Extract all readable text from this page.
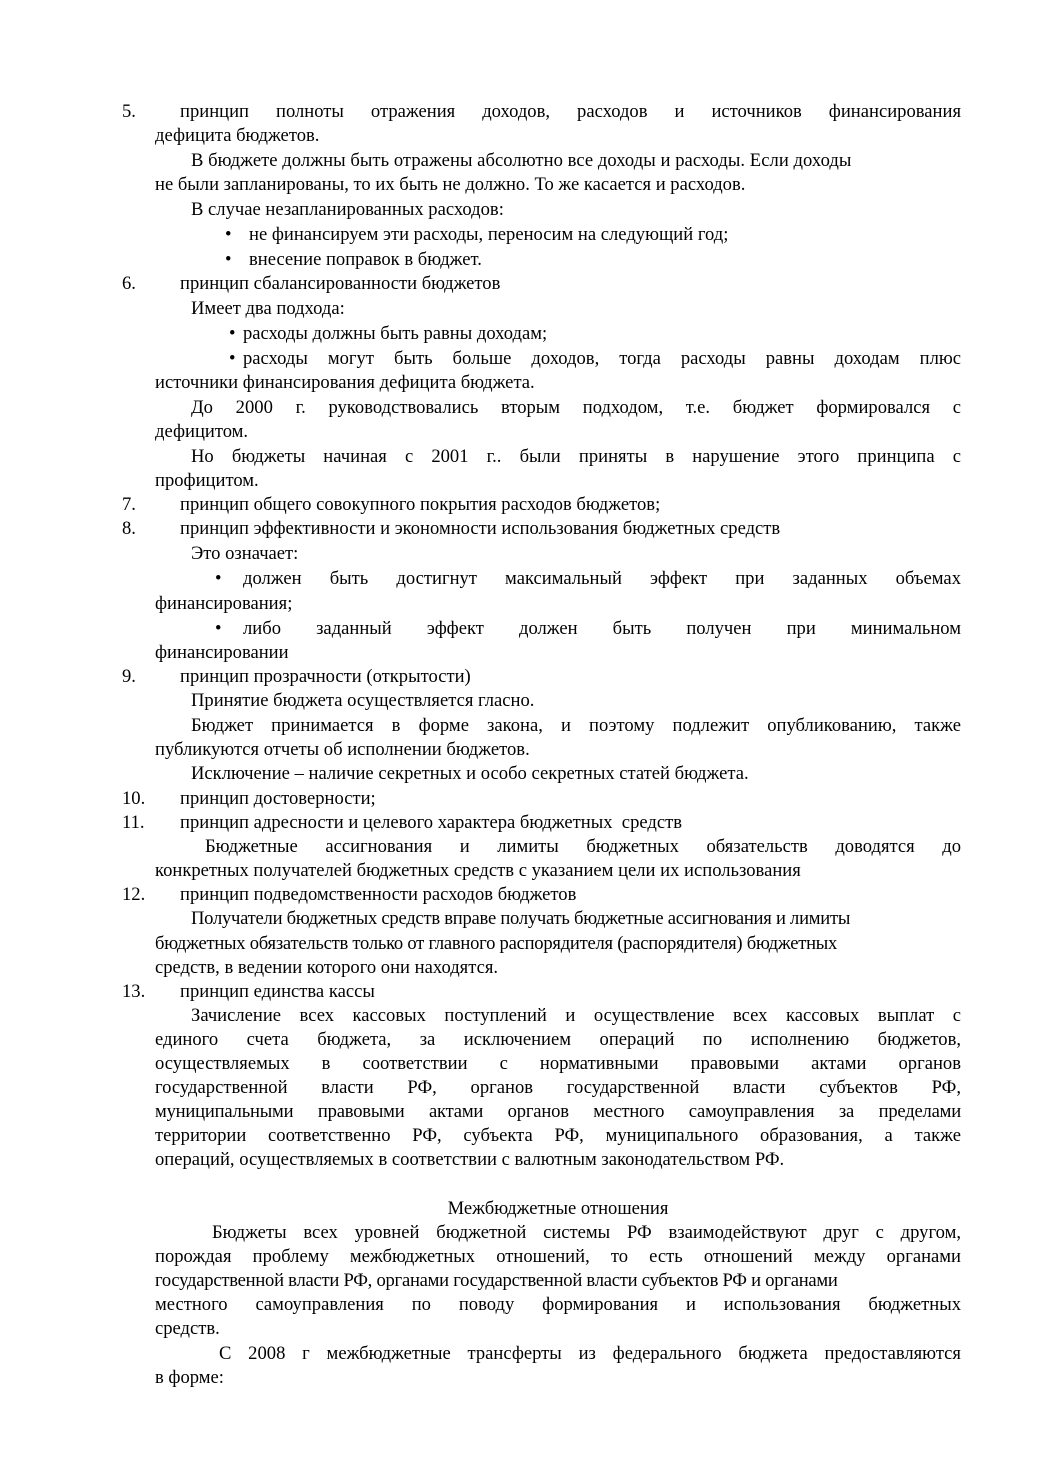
5. принцип полноты отражения доходов, расходов и источников финансирования
дефицита бюджетов.
В бюджете должны быть отражены абсолютно все доходы и расходы. Если доходы
не были запланированы, то их быть не должно. То же касается и расходов.
В случае незапланированных расходов:
• не финансируем эти расходы, переносим на следующий год;
• внесение поправок в бюджет.
6. принцип сбалансированности бюджетов
Имеет два подхода:
• расходы должны быть равны доходам;
• расходы могут быть больше доходов, тогда расходы равны доходам плюс
источники финансирования дефицита бюджета.
До 2000 г. руководствовались вторым подходом, т.е. бюджет формировался с
дефицитом.
Но бюджеты начиная с 2001 г.. были приняты в нарушение этого принципа с
профицитом.
7. принцип общего совокупного покрытия расходов бюджетов;
8. принцип эффективности и экономности использования бюджетных средств
Это означает:
• должен быть достигнут максимальный эффект при заданных объемах
финансирования;
• либо заданный эффект должен быть получен при минимальном
финансировании
9. принцип прозрачности (открытости)
Принятие бюджета осуществляется гласно.
Бюджет принимается в форме закона, и поэтому подлежит опубликованию, также
публикуются отчеты об исполнении бюджетов.
Исключение – наличие секретных и особо секретных статей бюджета.
10. принцип достоверности;
11. принцип адресности и целевого характера бюджетных  средств
Бюджетные ассигнования и лимиты бюджетных обязательств доводятся до
конкретных получателей бюджетных средств с указанием цели их использования
12. принцип подведомственности расходов бюджетов
Получатели бюджетных средств вправе получать бюджетные ассигнования и лимиты
бюджетных обязательств только от главного распорядителя (распорядителя) бюджетных
средств, в ведении которого они находятся.
13. принцип единства кассы
Зачисление всех кассовых поступлений и осуществление всех кассовых выплат с
единого счета бюджета, за исключением операций по исполнению бюджетов,
осуществляемых в соответствии с нормативными правовыми актами органов
государственной власти РФ, органов государственной власти субъектов РФ,
муниципальными правовыми актами органов местного самоуправления за пределами
территории соответственно РФ, субъекта РФ, муниципального образования, а также
операций, осуществляемых в соответствии с валютным законодательством РФ.
Межбюджетные отношения
Бюджеты всех уровней бюджетной системы РФ взаимодействуют друг с другом,
порождая проблему межбюджетных отношений, то есть отношений между органами
государственной власти РФ, органами государственной власти субъектов РФ и органами
местного самоуправления по поводу формирования и использования бюджетных
средств.
С 2008 г межбюджетные трансферты из федерального бюджета предоставляются
в форме:
